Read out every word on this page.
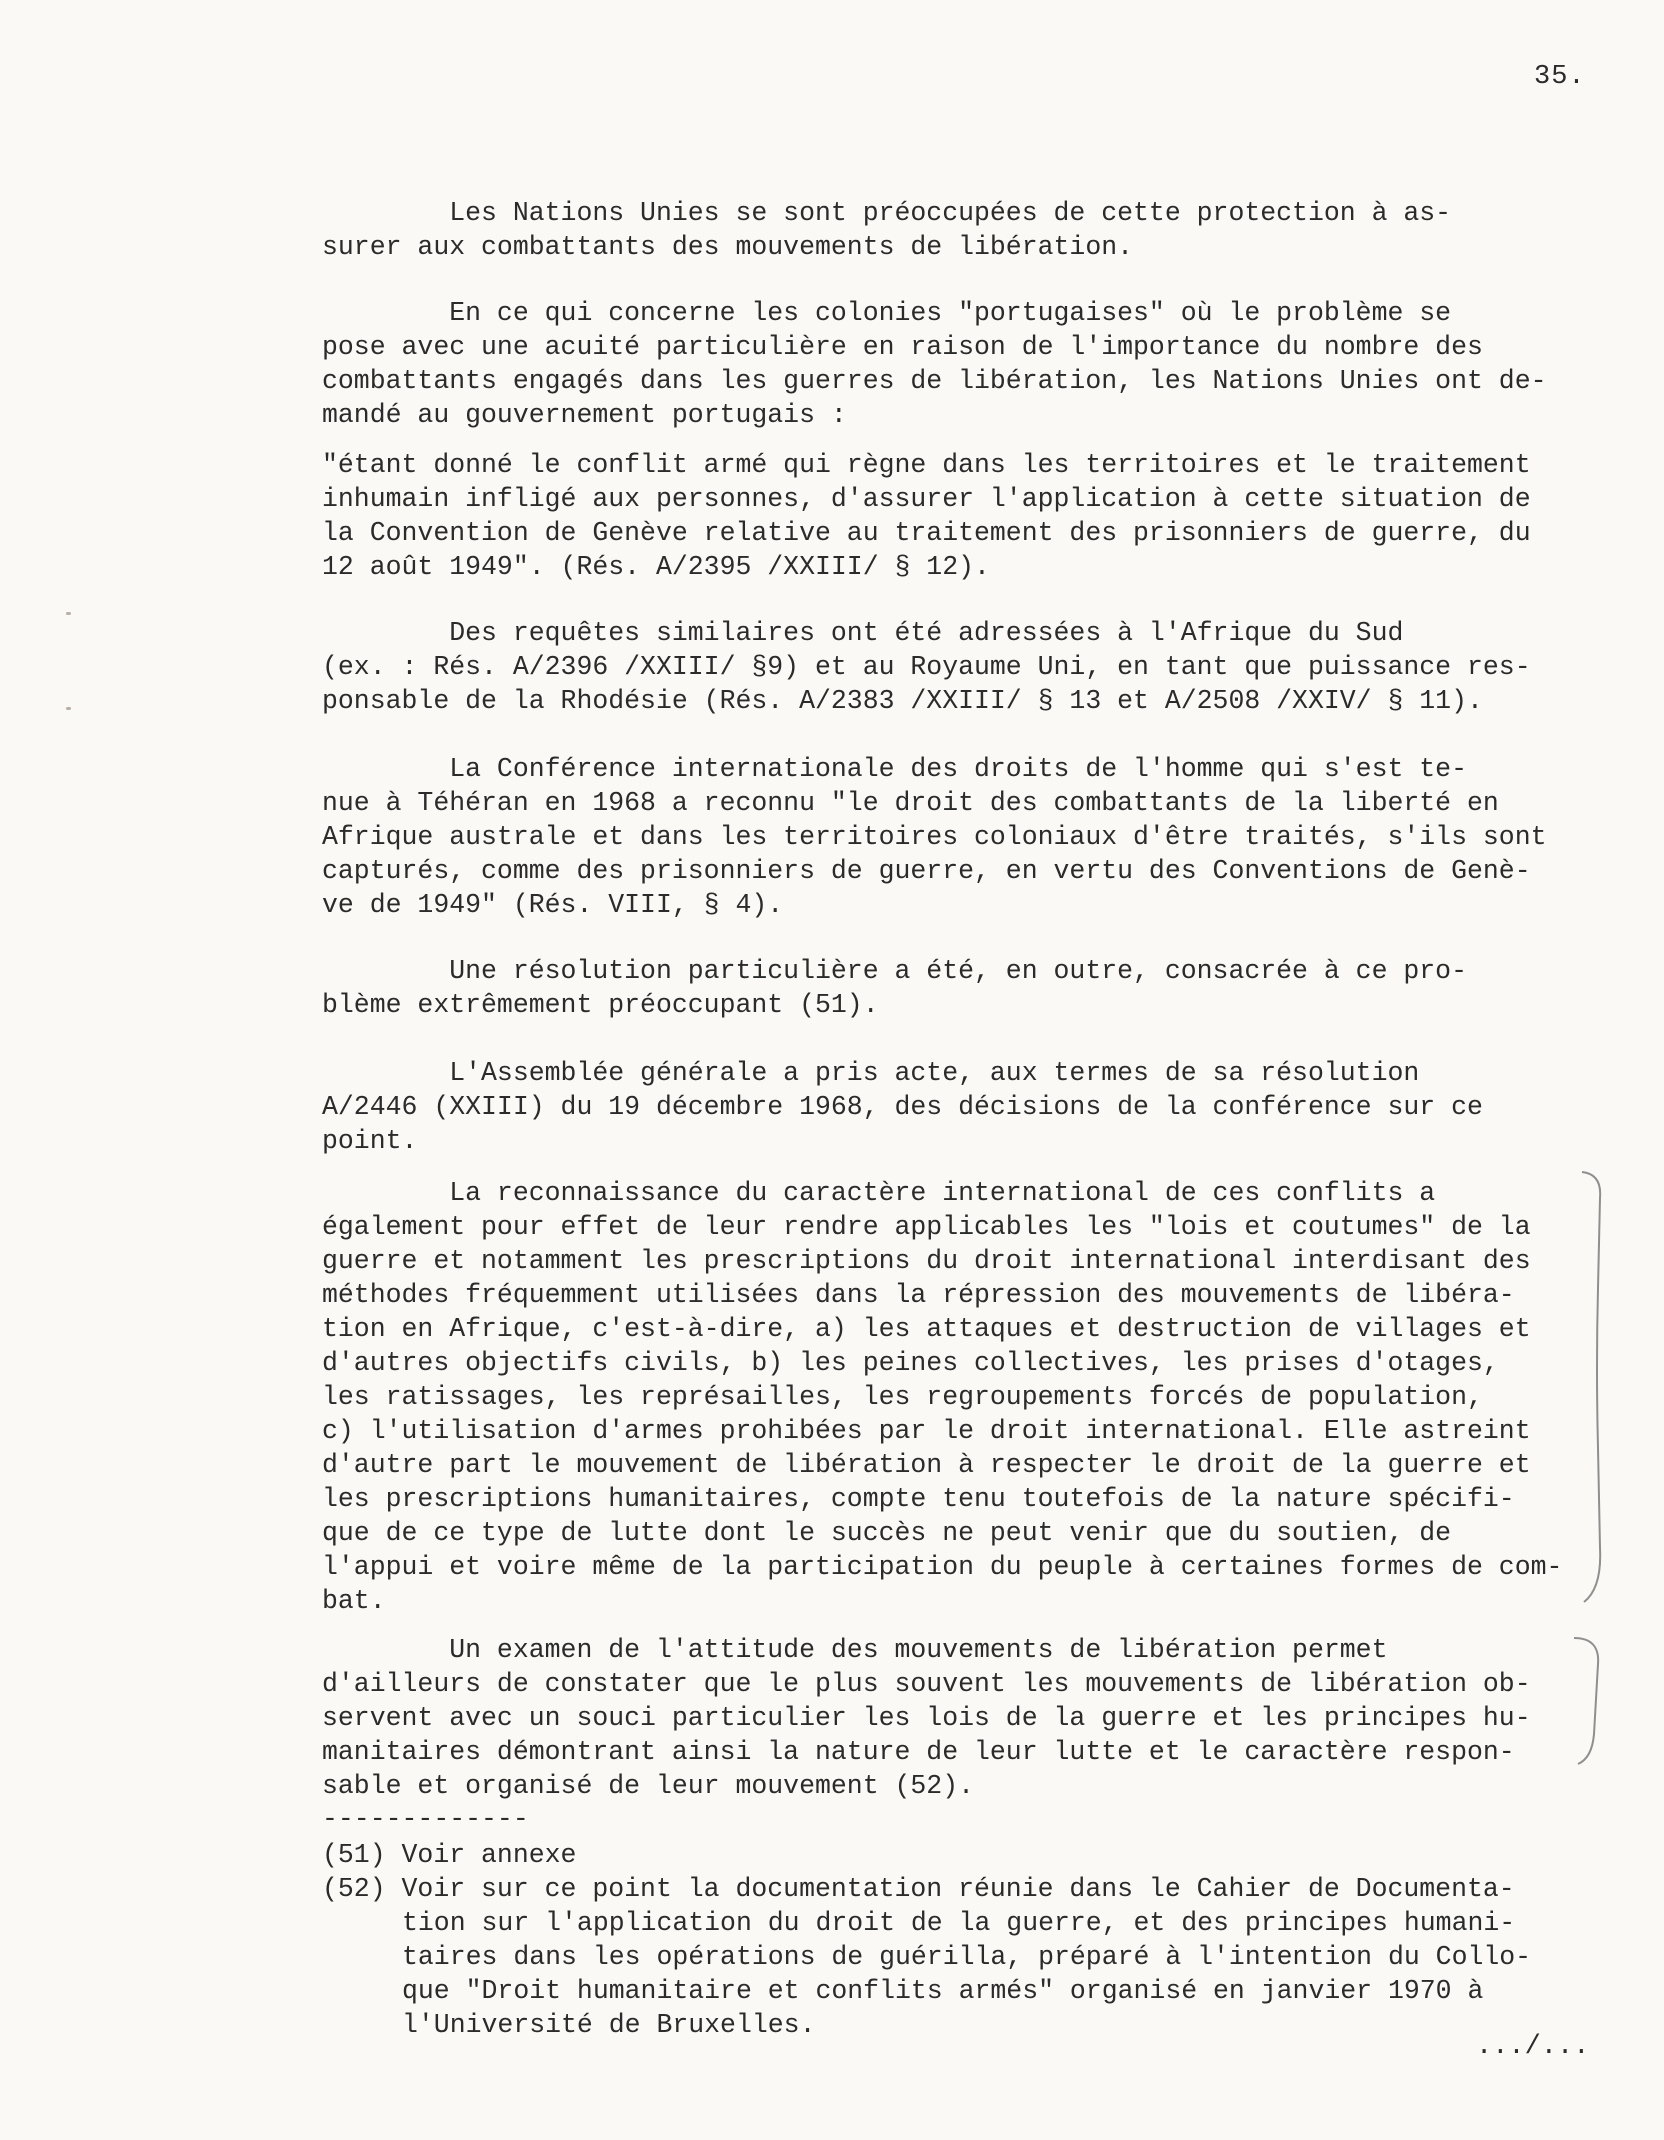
35.
Les Nations Unies se sont préoccupées de cette protection à as-
surer aux combattants des mouvements de libération.
En ce qui concerne les colonies "portugaises" où le problème se
pose avec une acuité particulière en raison de l'importance du nombre des
combattants engagés dans les guerres de libération, les Nations Unies ont de-
mandé au gouvernement portugais :
"étant donné le conflit armé qui règne dans les territoires et le traitement
inhumain infligé aux personnes, d'assurer l'application à cette situation de
la Convention de Genève relative au traitement des prisonniers de guerre, du
12 août 1949". (Rés. A/2395 /XXIII/ § 12).
Des requêtes similaires ont été adressées à l'Afrique du Sud
(ex. : Rés. A/2396 /XXIII/ §9) et au Royaume Uni, en tant que puissance res-
ponsable de la Rhodésie (Rés. A/2383 /XXIII/ § 13 et A/2508 /XXIV/ § 11).
La Conférence internationale des droits de l'homme qui s'est te-
nue à Téhéran en 1968 a reconnu "le droit des combattants de la liberté en
Afrique australe et dans les territoires coloniaux d'être traités, s'ils sont
capturés, comme des prisonniers de guerre, en vertu des Conventions de Genè-
ve de 1949" (Rés. VIII, § 4).
Une résolution particulière a été, en outre, consacrée à ce pro-
blème extrêmement préoccupant (51).
L'Assemblée générale a pris acte, aux termes de sa résolution
A/2446 (XXIII) du 19 décembre 1968, des décisions de la conférence sur ce
point.
La reconnaissance du caractère international de ces conflits a
également pour effet de leur rendre applicables les "lois et coutumes" de la
guerre et notamment les prescriptions du droit international interdisant des
méthodes fréquemment utilisées dans la répression des mouvements de libéra-
tion en Afrique, c'est-à-dire, a) les attaques et destruction de villages et
d'autres objectifs civils, b) les peines collectives, les prises d'otages,
les ratissages, les représailles, les regroupements forcés de population,
c) l'utilisation d'armes prohibées par le droit international. Elle astreint
d'autre part le mouvement de libération à respecter le droit de la guerre et
les prescriptions humanitaires, compte tenu toutefois de la nature spécifi-
que de ce type de lutte dont le succès ne peut venir que du soutien, de
l'appui et voire même de la participation du peuple à certaines formes de com-
bat.
Un examen de l'attitude des mouvements de libération permet
d'ailleurs de constater que le plus souvent les mouvements de libération ob-
servent avec un souci particulier les lois de la guerre et les principes hu-
manitaires démontrant ainsi la nature de leur lutte et le caractère respon-
sable et organisé de leur mouvement (52).
-------------
(51) Voir annexe
(52) Voir sur ce point la documentation réunie dans le Cahier de Documenta-
tion sur l'application du droit de la guerre, et des principes humani-
taires dans les opérations de guérilla, préparé à l'intention du Collo-
que "Droit humanitaire et conflits armés" organisé en janvier 1970 à
l'Université de Bruxelles.
.../...
